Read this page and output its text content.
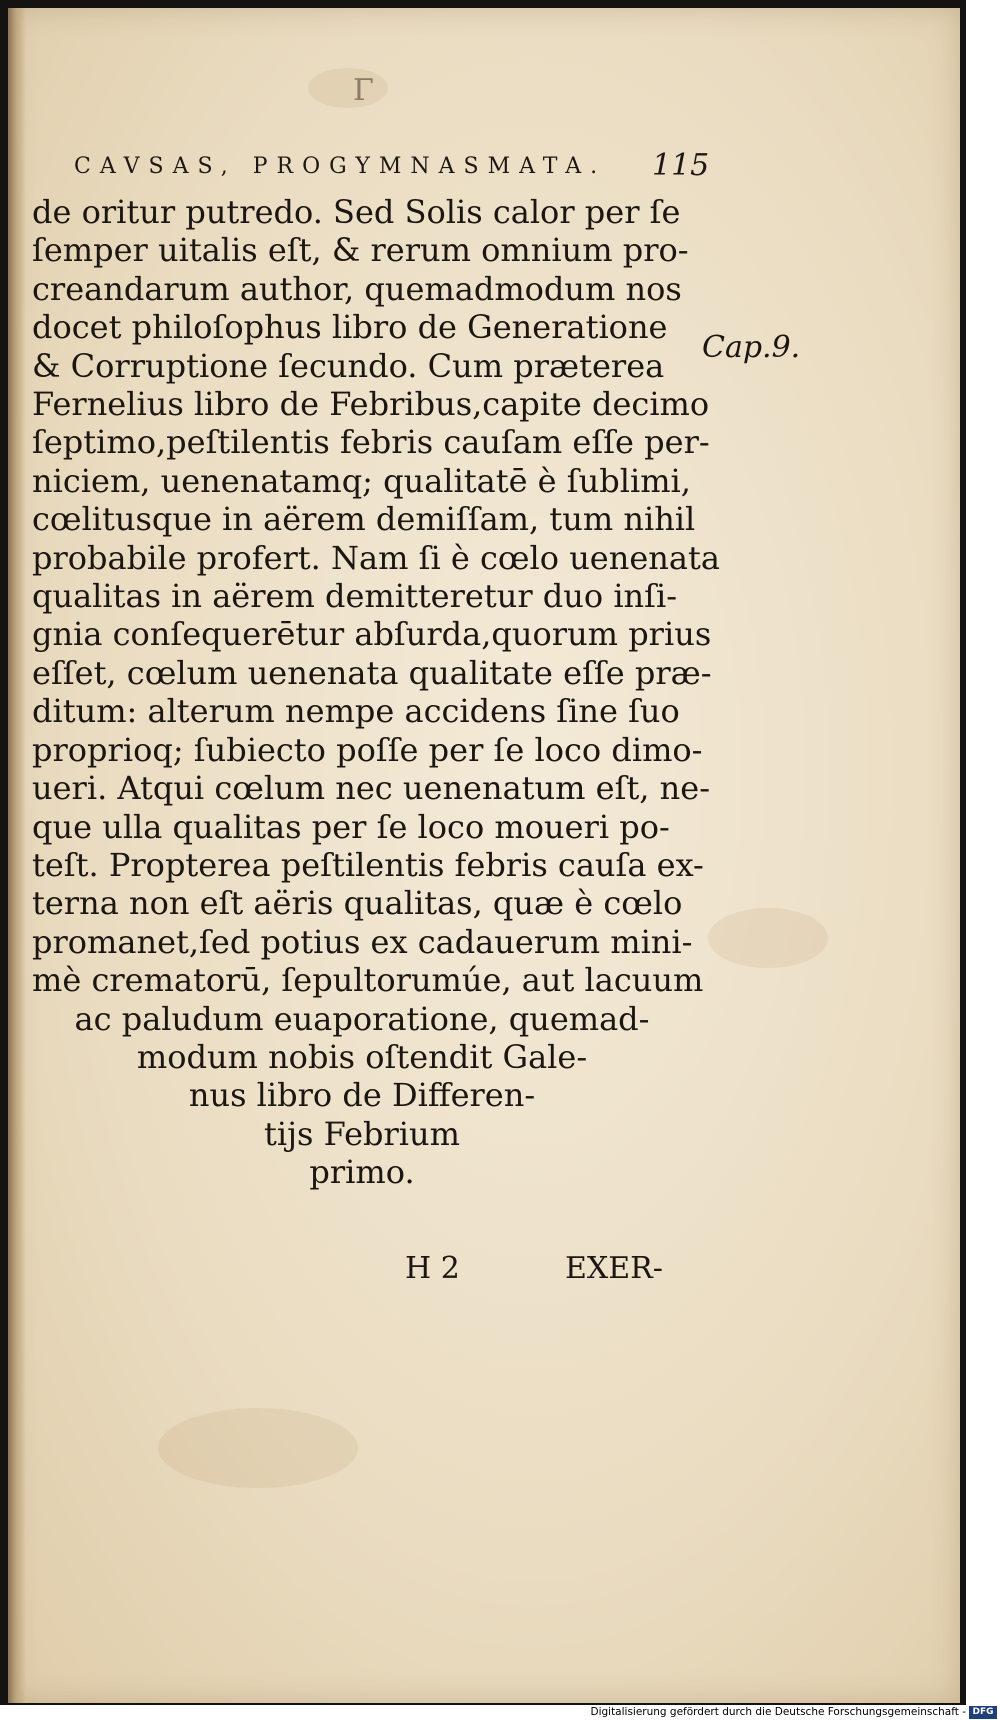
Γ
CAVSAS, PROGYMNASMATA.	115
de oritur putredo. Sed Solis calor per ſe
ſemper uitalis eſt, & rerum omnium pro-
creandarum author, quemadmodum nos
docet philoſophus libro de Generatione
& Corruptione ſecundo. Cum præterea
Fernelius libro de Febribus,capite decimo
ſeptimo,peſtilentis febris cauſam eſſe per-
niciem, uenenatamq; qualitatē è ſublimi,
cœlitusque in aërem demiſſam, tum nihil
probabile profert. Nam ſi è cœlo uenenata
qualitas in aërem demitteretur duo inſi-
gnia conſequerētur abſurda,quorum prius
eſſet, cœlum uenenata qualitate eſſe præ-
ditum: alterum nempe accidens ſine ſuo
proprioq; ſubiecto poſſe per ſe loco dimo-
ueri. Atqui cœlum nec uenenatum eſt, ne-
que ulla qualitas per ſe loco moueri po-
teſt. Propterea peſtilentis febris cauſa ex-
terna non eſt aëris qualitas, quæ è cœlo
promanet,ſed potius ex cadauerum mini-
mè crematorū, ſepultorumúe, aut lacuum
ac paludum euaporatione, quemad-
modum nobis oſtendit Gale-
nus libro de Differen-
tijs Febrium
primo.
Cap.9.
H 2	EXER-
Digitalisierung gefördert durch die Deutsche Forschungsgemeinschaft - DFG
